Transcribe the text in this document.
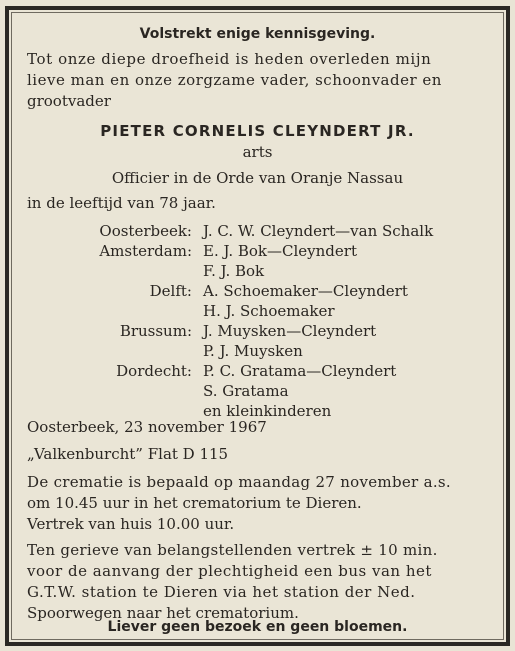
Volstrekt enige kennisgeving.
Tot onze diepe droefheid is heden overleden mijn
lieve man en onze zorgzame vader, schoonvader en
grootvader
PIETER CORNELIS CLEYNDERT JR.
arts
Officier in de Orde van Oranje Nassau
in de leeftijd van 78 jaar.
Oosterbeek: J. C. W. Cleyndert—van Schalk
Amsterdam: E. J. Bok—Cleyndert
F. J. Bok
Delft: A. Schoemaker—Cleyndert
H. J. Schoemaker
Brussum: J. Muysken—Cleyndert
P. J. Muysken
Dordecht: P. C. Gratama—Cleyndert
S. Gratama
en kleinkinderen
Oosterbeek, 23 november 1967
„Valkenburcht” Flat D 115
De crematie is bepaald op maandag 27 november a.s.
om 10.45 uur in het crematorium te Dieren.
Vertrek van huis 10.00 uur.
Ten gerieve van belangstellenden vertrek ± 10 min.
voor de aanvang der plechtigheid een bus van het
G.T.W. station te Dieren via het station der Ned.
Spoorwegen naar het crematorium.
Liever geen bezoek en geen bloemen.
